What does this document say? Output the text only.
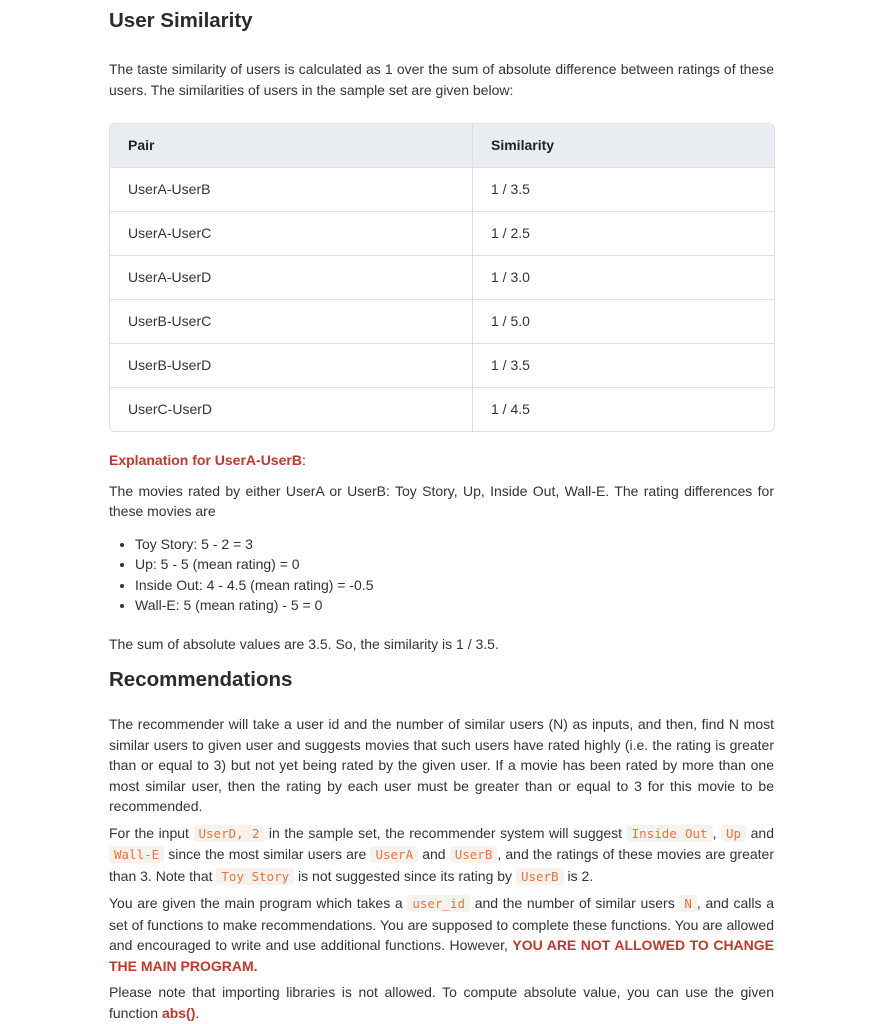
User Similarity

The taste similarity of users is calculated as 1 over the sum of absolute difference between ratings of these users. The similarities of users in the sample set are given below:

Pair	Similarity
UserA-UserB	1 / 3.5
UserA-UserC	1 / 2.5
UserA-UserD	1 / 3.0
UserB-UserC	1 / 5.0
UserB-UserD	1 / 3.5
UserC-UserD	1 / 4.5

Explanation for UserA-UserB:

The movies rated by either UserA or UserB: Toy Story, Up, Inside Out, Wall-E. The rating differences for these movies are

• Toy Story: 5 - 2 = 3
• Up: 5 - 5 (mean rating) = 0
• Inside Out: 4 - 4.5 (mean rating) = -0.5
• Wall-E: 5 (mean rating) - 5 = 0

The sum of absolute values are 3.5. So, the similarity is 1 / 3.5.

Recommendations

The recommender will take a user id and the number of similar users (N) as inputs, and then, find N most similar users to given user and suggests movies that such users have rated highly (i.e. the rating is greater than or equal to 3) but not yet being rated by the given user. If a movie has been rated by more than one most similar user, then the rating by each user must be greater than or equal to 3 for this movie to be recommended.

For the input UserD, 2 in the sample set, the recommender system will suggest Inside Out , Up and Wall-E since the most similar users are UserA and UserB , and the ratings of these movies are greater than 3. Note that Toy Story is not suggested since its rating by UserB is 2.

You are given the main program which takes a user_id and the number of similar users N , and calls a set of functions to make recommendations. You are supposed to complete these functions. You are allowed and encouraged to write and use additional functions. However, YOU ARE NOT ALLOWED TO CHANGE THE MAIN PROGRAM.

Please note that importing libraries is not allowed. To compute absolute value, you can use the given function abs().
